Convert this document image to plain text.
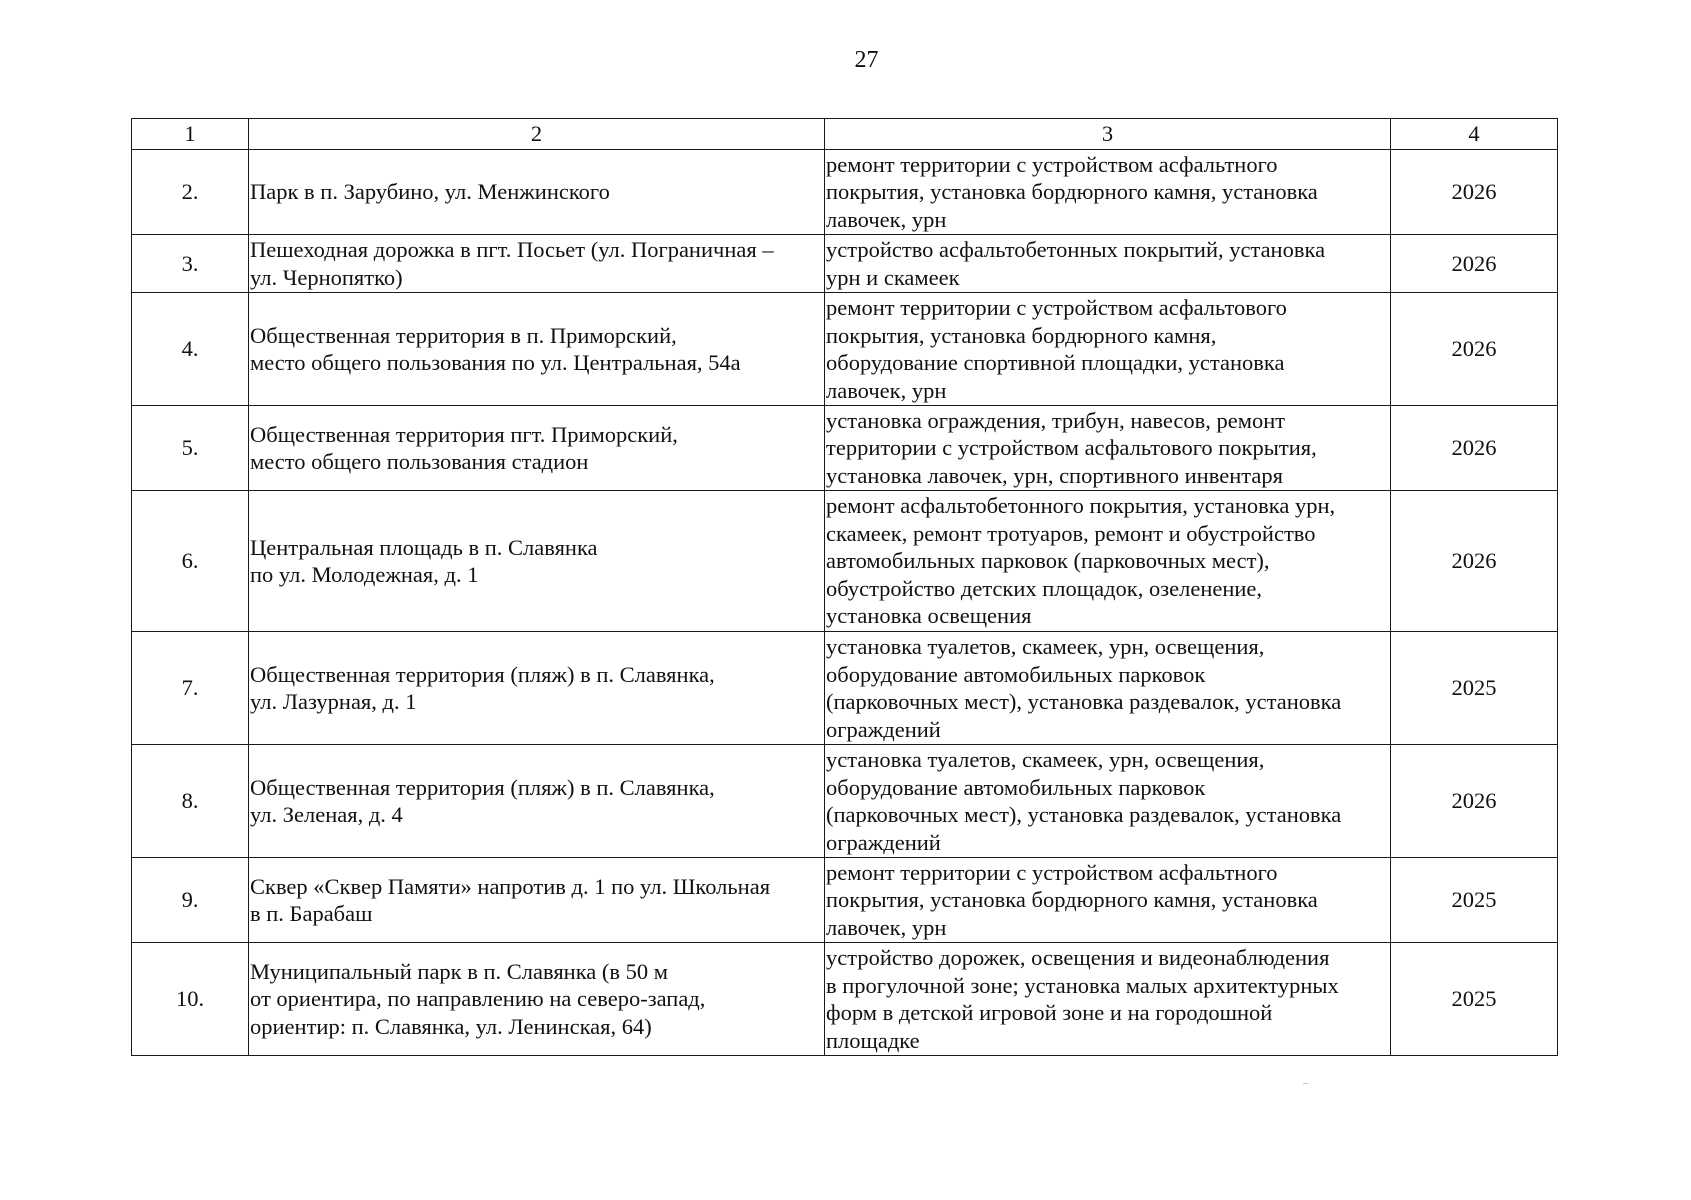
27
1	2	3	4
2.	Парк в п. Зарубино, ул. Менжинского	ремонт территории с устройством асфальтного
покрытия, установка бордюрного камня, установка
лавочек, урн	2026
3.	Пешеходная дорожка в пгт. Посьет (ул. Пограничная –
ул. Чернопятко)	устройство асфальтобетонных покрытий, установка
урн и скамеек	2026
4.	Общественная территория в п. Приморский,
место общего пользования по ул. Центральная, 54а	ремонт территории с устройством асфальтового
покрытия, установка бордюрного камня,
оборудование спортивной площадки, установка
лавочек, урн	2026
5.	Общественная территория пгт. Приморский,
место общего пользования стадион	установка ограждения, трибун, навесов, ремонт
территории с устройством асфальтового покрытия,
установка лавочек, урн, спортивного инвентаря	2026
6.	Центральная площадь в п. Славянка
по ул. Молодежная, д. 1	ремонт асфальтобетонного покрытия, установка урн,
скамеек, ремонт тротуаров, ремонт и обустройство
автомобильных парковок (парковочных мест),
обустройство детских площадок, озеленение,
установка освещения	2026
7.	Общественная территория (пляж) в п. Славянка,
ул. Лазурная, д. 1	установка туалетов, скамеек, урн, освещения,
оборудование автомобильных парковок
(парковочных мест), установка раздевалок, установка
ограждений	2025
8.	Общественная территория (пляж) в п. Славянка,
ул. Зеленая, д. 4	установка туалетов, скамеек, урн, освещения,
оборудование автомобильных парковок
(парковочных мест), установка раздевалок, установка
ограждений	2026
9.	Сквер «Сквер Памяти» напротив д. 1 по ул. Школьная
в п. Барабаш	ремонт территории с устройством асфальтного
покрытия, установка бордюрного камня, установка
лавочек, урн	2025
10.	Муниципальный парк в п. Славянка (в 50 м
от ориентира, по направлению на северо-запад,
ориентир: п. Славянка, ул. Ленинская, 64)	устройство дорожек, освещения и видеонаблюдения
в прогулочной зоне; установка малых архитектурных
форм в детской игровой зоне и на городошной
площадке	2025
